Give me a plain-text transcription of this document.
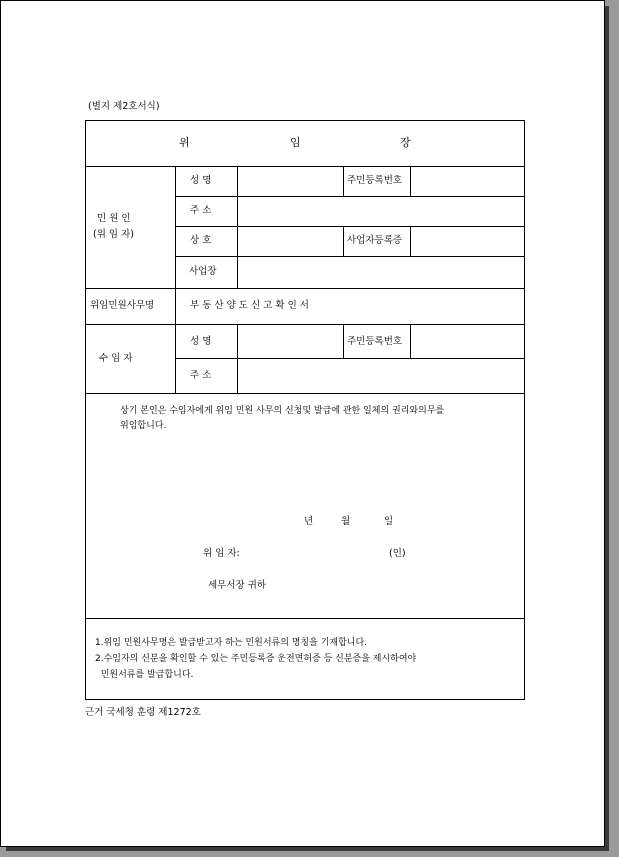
(별지 제2호서식)
위	임	장
민 원 인
(위 임 자)
성 명	주민등록번호
주 소
상 호	사업자등록증
사업장
위임민원사무명	부 동 산 양 도 신 고 확 인 서
수 임 자
성 명	주민등록번호
주 소
상기 본인은 수임자에게 위임 민원 사무의 신청및 발급에 관한 일체의 권리와의무를
위임합니다.
년	월	일
위 임 자:	(인)
세무서장 귀하
1.위임 민원사무명은 발급받고자 하는 민원서류의 명칭을 기재합니다.
2.수임자의 신분을 확인할 수 있는 주민등록증 운전면허증 등 신분증을 제시하여야
민원서류를 발급합니다.
근거 국세청 훈령 제1272호
